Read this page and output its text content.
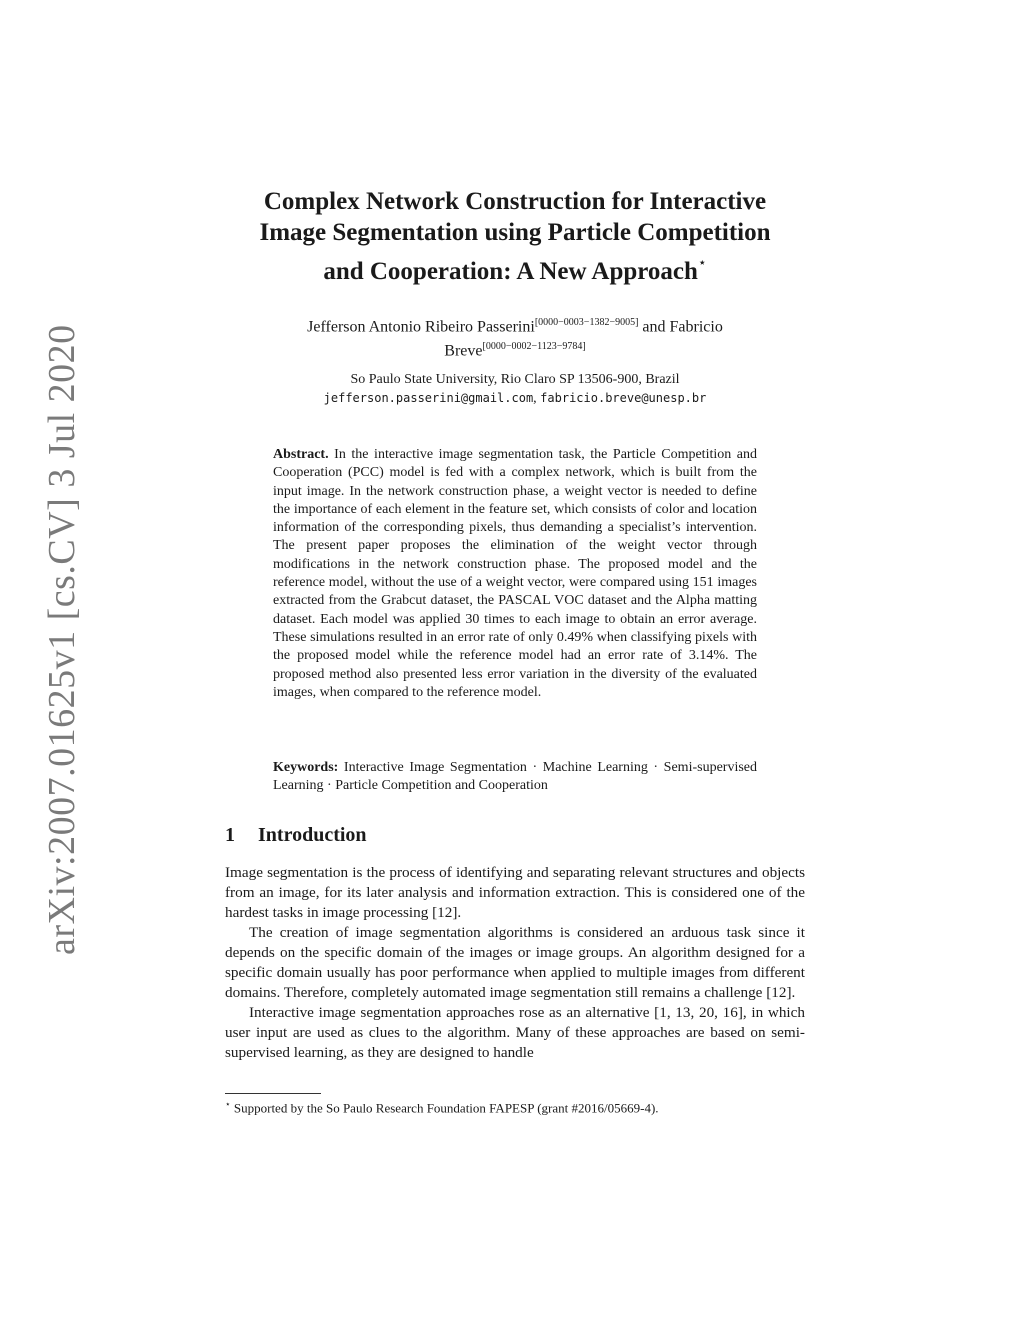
arXiv:2007.01625v1 [cs.CV] 3 Jul 2020
Complex Network Construction for Interactive
Image Segmentation using Particle Competition
and Cooperation: A New Approach⋆
Jefferson Antonio Ribeiro Passerini[0000−0003−1382−9005] and Fabricio
Breve[0000−0002−1123−9784]
So Paulo State University, Rio Claro SP 13506-900, Brazil
jefferson.passerini@gmail.com, fabricio.breve@unesp.br
Abstract. In the interactive image segmentation task, the Particle Competition and Cooperation (PCC) model is fed with a complex network, which is built from the input image. In the network construction phase, a weight vector is needed to define the importance of each element in the feature set, which consists of color and location information of the corresponding pixels, thus demanding a specialist’s intervention. The present paper proposes the elimination of the weight vector through modifications in the network construction phase. The proposed model and the reference model, without the use of a weight vector, were compared using 151 images extracted from the Grabcut dataset, the PASCAL VOC dataset and the Alpha matting dataset. Each model was applied 30 times to each image to obtain an error average. These simulations resulted in an error rate of only 0.49% when classifying pixels with the proposed model while the reference model had an error rate of 3.14%. The proposed method also presented less error variation in the diversity of the evaluated images, when compared to the reference model.
Keywords: Interactive Image Segmentation · Machine Learning · Semi-supervised Learning · Particle Competition and Cooperation
1 Introduction

Image segmentation is the process of identifying and separating relevant structures and objects from an image, for its later analysis and information extraction. This is considered one of the hardest tasks in image processing [12].

The creation of image segmentation algorithms is considered an arduous task since it depends on the specific domain of the images or image groups. An algorithm designed for a specific domain usually has poor performance when applied to multiple images from different domains. Therefore, completely automated image segmentation still remains a challenge [12].

Interactive image segmentation approaches rose as an alternative [1, 13, 20, 16], in which user input are used as clues to the algorithm. Many of these approaches are based on semi-supervised learning, as they are designed to handle

⋆ Supported by the So Paulo Research Foundation FAPESP (grant #2016/05669-4).
